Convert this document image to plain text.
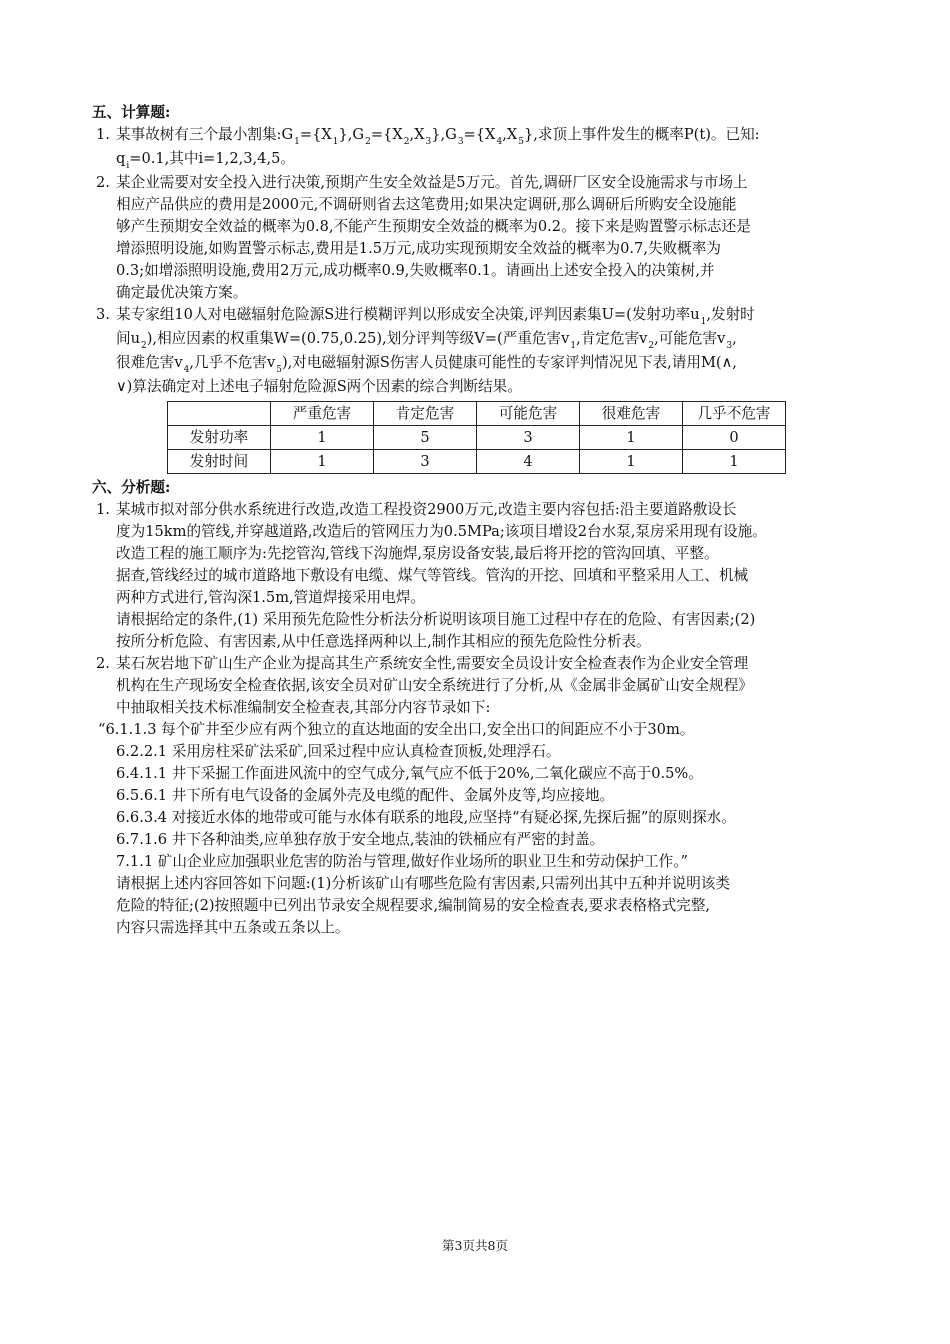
五、计算题:
1. 某事故树有三个最小割集$:G_1=\{X_1\},G_2=\{X_2,X_3\},G_3=\{X_4,X_5\}$,求顶上事件发生的概率P(t)。已知:
$q_i=0.1$,其中i=1,2,3,4,5。
2. 某企业需要对安全投入进行决策,预期产生安全效益是5万元。首先,调研厂区安全设施需求与市场上
相应产品供应的费用是2000元,不调研则省去这笔费用;如果决定调研,那么调研后所购安全设施能
够产生预期安全效益的概率为0.8,不能产生预期安全效益的概率为0.2。接下来是购置警示标志还是
增添照明设施,如购置警示标志,费用是1.5万元,成功实现预期安全效益的概率为0.7,失败概率为
0.3;如增添照明设施,费用2万元,成功概率0.9,失败概率0.1。请画出上述安全投入的决策树,并
确定最优决策方案。
3. 某专家组10人对电磁辐射危险源S进行模糊评判以形成安全决策,评判因素集U=(发射功率$u_1$,发射时
间$u_2$),相应因素的权重集W=(0.75,0.25),划分评判等级V=(严重危害$v_1$,肯定危害$v_2$,可能危害$v_3$,
很难危害$v_4$,几乎不危害$v_5$),对电磁辐射源S伤害人员健康可能性的专家评判情况见下表,请用M(∧,
∨)算法确定对上述电子辐射危险源S两个因素的综合判断结果。
	严重危害	肯定危害	可能危害	很难危害	几乎不危害
发射功率	1	5	3	1	0
发射时间	1	3	4	1	1
六、分析题:
1. 某城市拟对部分供水系统进行改造,改造工程投资2900万元,改造主要内容包括:沿主要道路敷设长
度为15km的管线,并穿越道路,改造后的管网压力为0.5MPa;该项目增设2台水泵,泵房采用现有设施。
改造工程的施工顺序为:先挖管沟,管线下沟施焊,泵房设备安装,最后将开挖的管沟回填、平整。
据查,管线经过的城市道路地下敷设有电缆、煤气等管线。管沟的开挖、回填和平整采用人工、机械
两种方式进行,管沟深1.5m,管道焊接采用电焊。
请根据给定的条件,(1) 采用预先危险性分析法分析说明该项目施工过程中存在的危险、有害因素;(2)
按所分析危险、有害因素,从中任意选择两种以上,制作其相应的预先危险性分析表。
2. 某石灰岩地下矿山生产企业为提高其生产系统安全性,需要安全员设计安全检查表作为企业安全管理
机构在生产现场安全检查依据,该安全员对矿山安全系统进行了分析,从《金属非金属矿山安全规程》
中抽取相关技术标准编制安全检查表,其部分内容节录如下:
“6.1.1.3 每个矿井至少应有两个独立的直达地面的安全出口,安全出口的间距应不小于30m。
6.2.2.1 采用房柱采矿法采矿,回采过程中应认真检查顶板,处理浮石。
6.4.1.1 井下采掘工作面进风流中的空气成分,氧气应不低于20%,二氧化碳应不高于0.5%。
6.5.6.1 井下所有电气设备的金属外壳及电缆的配件、金属外皮等,均应接地。
6.6.3.4 对接近水体的地带或可能与水体有联系的地段,应坚持“有疑必探,先探后掘”的原则探水。
6.7.1.6 井下各种油类,应单独存放于安全地点,装油的铁桶应有严密的封盖。
7.1.1 矿山企业应加强职业危害的防治与管理,做好作业场所的职业卫生和劳动保护工作。”
请根据上述内容回答如下问题:(1)分析该矿山有哪些危险有害因素,只需列出其中五种并说明该类
危险的特征;(2)按照题中已列出节录安全规程要求,编制简易的安全检查表,要求表格格式完整,
内容只需选择其中五条或五条以上。
第3页共8页
